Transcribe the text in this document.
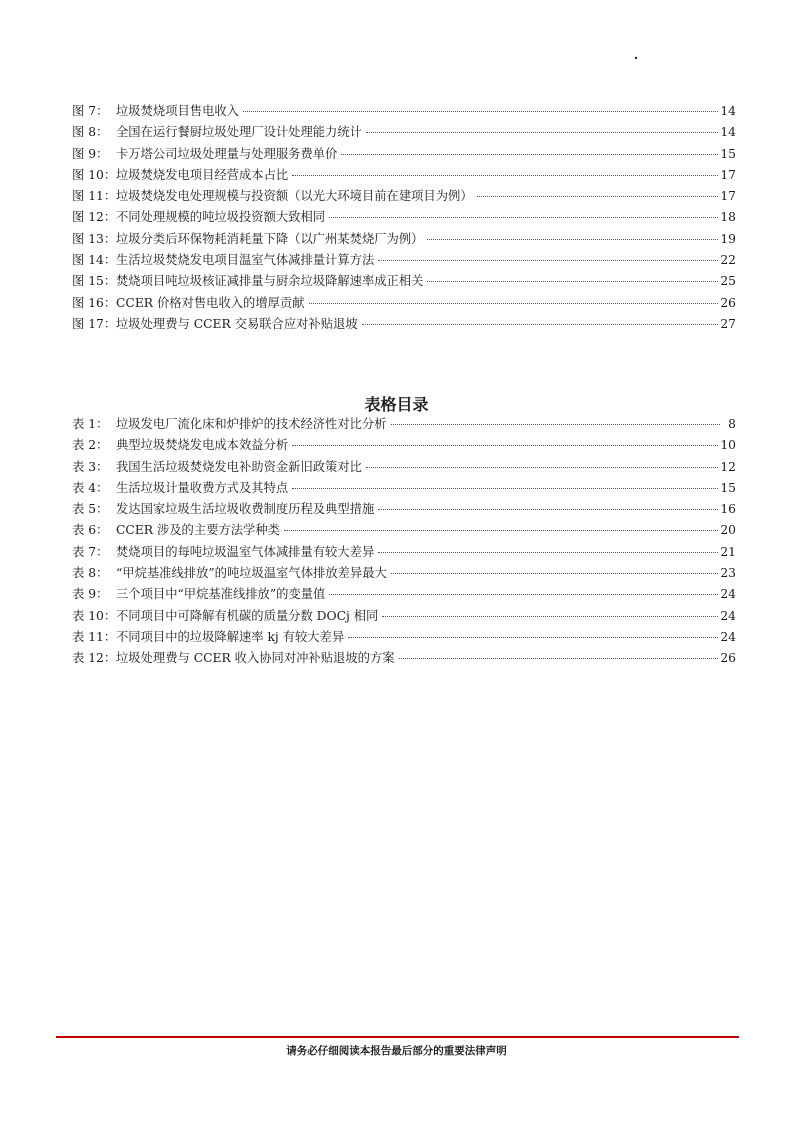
.
图 7： 垃圾焚烧项目售电收入	14
图 8： 全国在运行餐厨垃圾处理厂设计处理能力统计	14
图 9： 卡万塔公司垃圾处理量与处理服务费单价	15
图 10： 垃圾焚烧发电项目经营成本占比	17
图 11： 垃圾焚烧发电处理规模与投资额（以光大环境目前在建项目为例）	17
图 12： 不同处理规模的吨垃圾投资额大致相同	18
图 13： 垃圾分类后环保物耗消耗量下降（以广州某焚烧厂为例）	19
图 14： 生活垃圾焚烧发电项目温室气体减排量计算方法	22
图 15： 焚烧项目吨垃圾核证减排量与厨余垃圾降解速率成正相关	25
图 16： CCER 价格对售电收入的增厚贡献	26
图 17： 垃圾处理费与 CCER 交易联合应对补贴退坡	27
表格目录
表 1： 垃圾发电厂流化床和炉排炉的技术经济性对比分析	8
表 2： 典型垃圾焚烧发电成本效益分析	10
表 3： 我国生活垃圾焚烧发电补助资金新旧政策对比	12
表 4： 生活垃圾计量收费方式及其特点	15
表 5： 发达国家垃圾生活垃圾收费制度历程及典型措施	16
表 6： CCER 涉及的主要方法学种类	20
表 7： 焚烧项目的每吨垃圾温室气体减排量有较大差异	21
表 8： “甲烷基准线排放”的吨垃圾温室气体排放差异最大	23
表 9： 三个项目中“甲烷基准线排放”的变量值	24
表 10： 不同项目中可降解有机碳的质量分数 DOCj 相同	24
表 11： 不同项目中的垃圾降解速率 kj 有较大差异	24
表 12： 垃圾处理费与 CCER 收入协同对冲补贴退坡的方案	26
请务必仔细阅读本报告最后部分的重要法律声明
